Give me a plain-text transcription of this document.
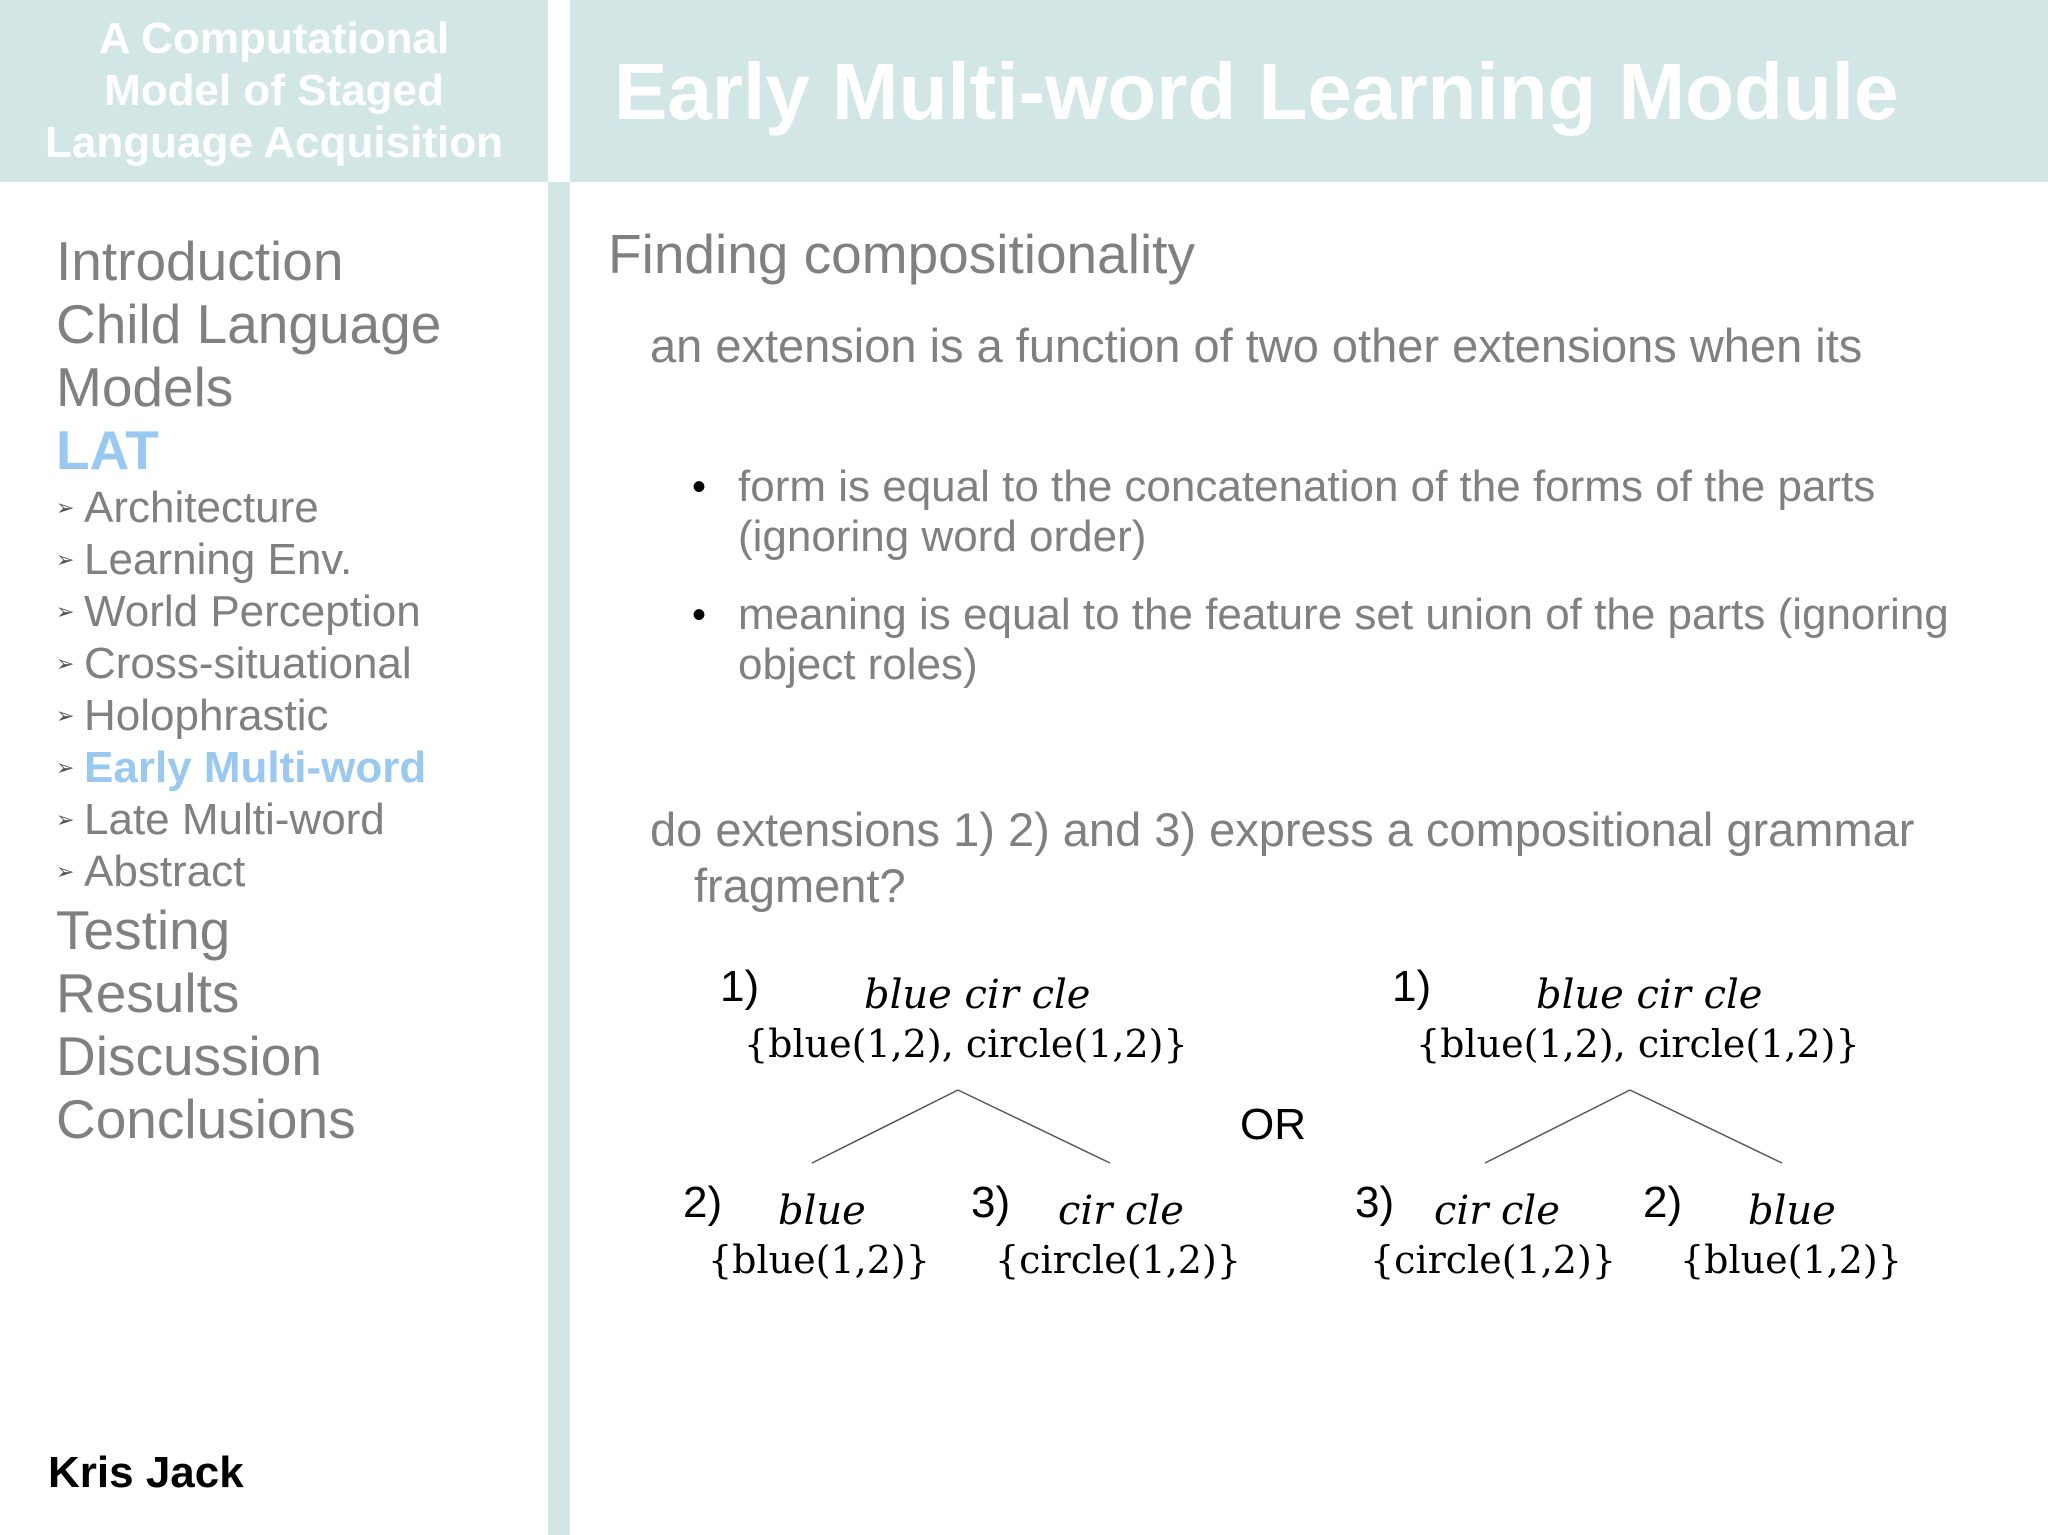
A Computational
Model of Staged
Language Acquisition
Early Multi-word Learning Module
Introduction
Child Language
Models
LAT
➢ Architecture
➢ Learning Env.
➢ World Perception
➢ Cross-situational
➢ Holophrastic
➢ Early Multi-word
➢ Late Multi-word
➢ Abstract
Testing
Results
Discussion
Conclusions
Kris Jack
Finding compositionality
an extension is a function of two other extensions when its
• form is equal to the concatenation of the forms of the parts (ignoring word order)
• meaning is equal to the feature set union of the parts (ignoring object roles)
do extensions 1) 2) and 3) express a compositional grammar fragment?
1)	blue cir cle
{blue(1,2), circle(1,2)}
2) blue
{blue(1,2)}
3) cir cle
{circle(1,2)}
OR
1)	blue cir cle
{blue(1,2), circle(1,2)}
3) cir cle
{circle(1,2)}
2) blue
{blue(1,2)}
